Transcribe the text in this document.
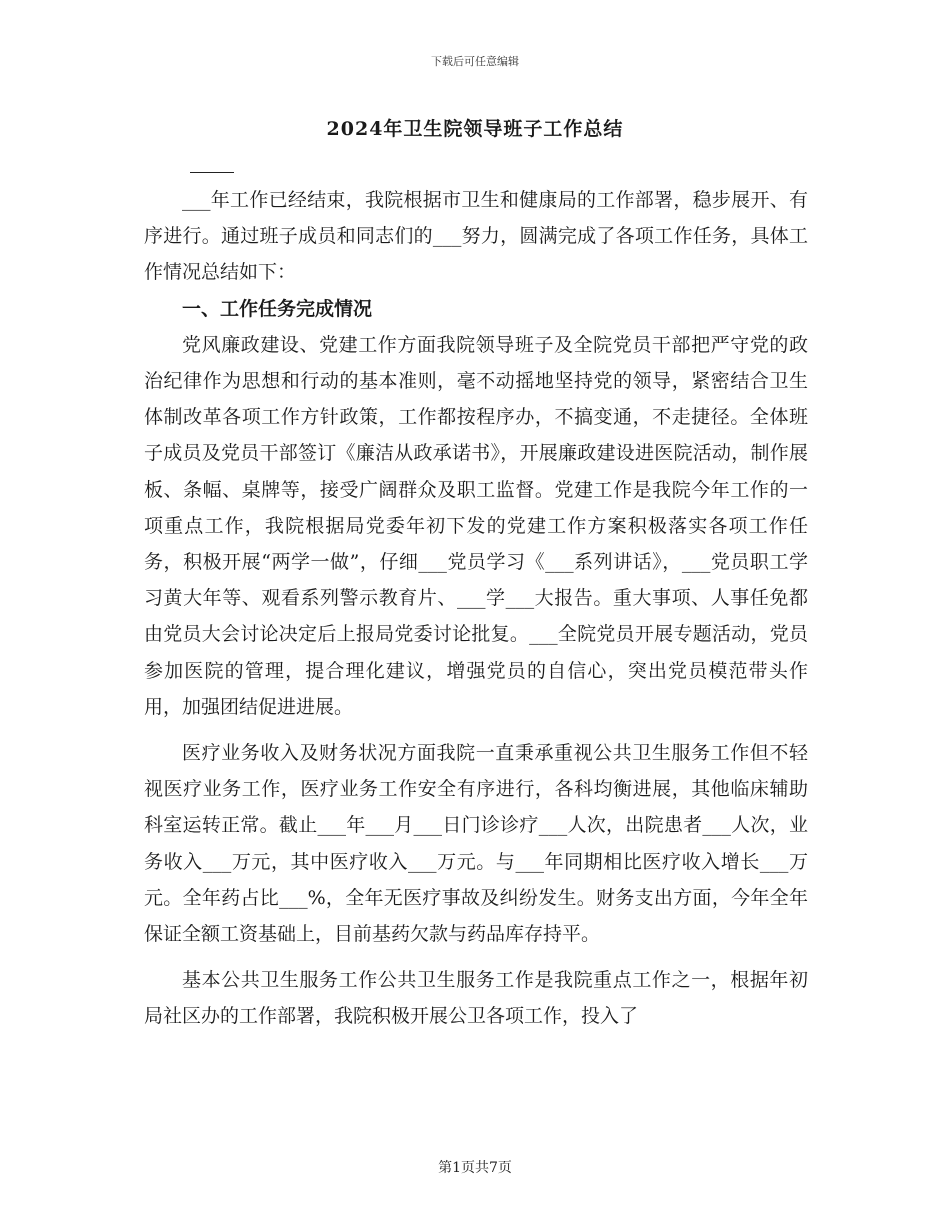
下载后可任意编辑
2024年卫生院领导班子工作总结

___年工作已经结束，我院根据市卫生和健康局的工作部署，稳步展开、有序进行。通过班子成员和同志们的___努力，圆满完成了各项工作任务，具体工作情况总结如下：

一、工作任务完成情况

党风廉政建设、党建工作方面我院领导班子及全院党员干部把严守党的政治纪律作为思想和行动的基本准则，毫不动摇地坚持党的领导，紧密结合卫生体制改革各项工作方针政策，工作都按程序办，不搞变通，不走捷径。全体班子成员及党员干部签订《廉洁从政承诺书》，开展廉政建设进医院活动，制作展板、条幅、桌牌等，接受广阔群众及职工监督。党建工作是我院今年工作的一项重点工作，我院根据局党委年初下发的党建工作方案积极落实各项工作任务，积极开展“两学一做”，仔细___党员学习《___系列讲话》，___党员职工学习黄大年等、观看系列警示教育片、___学___大报告。重大事项、人事任免都由党员大会讨论决定后上报局党委讨论批复。___全院党员开展专题活动，党员参加医院的管理，提合理化建议，增强党员的自信心，突出党员模范带头作用，加强团结促进进展。

医疗业务收入及财务状况方面我院一直秉承重视公共卫生服务工作但不轻视医疗业务工作，医疗业务工作安全有序进行，各科均衡进展，其他临床辅助科室运转正常。截止___年___月___日门诊诊疗___人次，出院患者___人次，业务收入___万元，其中医疗收入___万元。与___年同期相比医疗收入增长___万元。全年药占比___%，全年无医疗事故及纠纷发生。财务支出方面，今年全年保证全额工资基础上，目前基药欠款与药品库存持平。

基本公共卫生服务工作公共卫生服务工作是我院重点工作之一，根据年初局社区办的工作部署，我院积极开展公卫各项工作，投入了

第1页共7页
